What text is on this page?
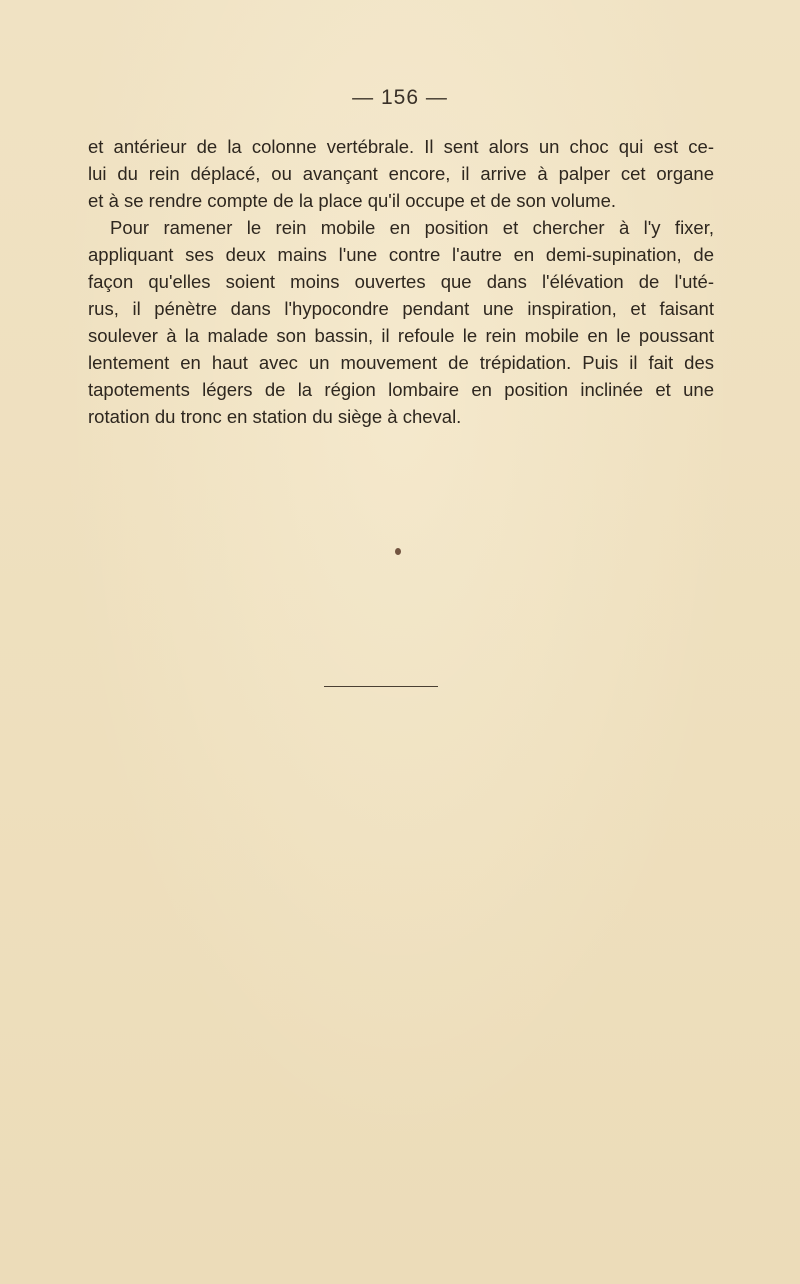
— 156 —
et antérieur de la colonne vertébrale. Il sent alors un choc qui est ce-
lui du rein déplacé, ou avançant encore, il arrive à palper cet organe
et à se rendre compte de la place qu'il occupe et de son volume.
Pour ramener le rein mobile en position et chercher à l'y fixer,
appliquant ses deux mains l'une contre l'autre en demi-supination, de
façon qu'elles soient moins ouvertes que dans l'élévation de l'uté-
rus, il pénètre dans l'hypocondre pendant une inspiration, et faisant
soulever à la malade son bassin, il refoule le rein mobile en le poussant
lentement en haut avec un mouvement de trépidation. Puis il fait des
tapotements légers de la région lombaire en position inclinée et une
rotation du tronc en station du siège à cheval.
